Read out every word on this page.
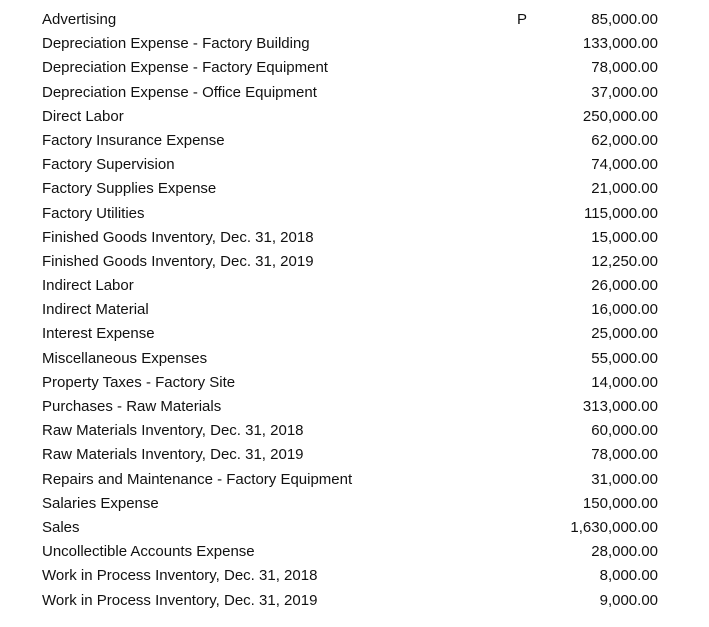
Advertising	P	85,000.00
Depreciation Expense - Factory Building	133,000.00
Depreciation Expense - Factory Equipment	78,000.00
Depreciation Expense - Office Equipment	37,000.00
Direct Labor	250,000.00
Factory Insurance Expense	62,000.00
Factory Supervision	74,000.00
Factory Supplies Expense	21,000.00
Factory Utilities	115,000.00
Finished Goods Inventory, Dec. 31, 2018	15,000.00
Finished Goods Inventory, Dec. 31, 2019	12,250.00
Indirect Labor	26,000.00
Indirect Material	16,000.00
Interest Expense	25,000.00
Miscellaneous Expenses	55,000.00
Property Taxes - Factory Site	14,000.00
Purchases - Raw Materials	313,000.00
Raw Materials Inventory, Dec. 31, 2018	60,000.00
Raw Materials Inventory, Dec. 31, 2019	78,000.00
Repairs and Maintenance - Factory Equipment	31,000.00
Salaries Expense	150,000.00
Sales	1,630,000.00
Uncollectible Accounts Expense	28,000.00
Work in Process Inventory, Dec. 31, 2018	8,000.00
Work in Process Inventory, Dec. 31, 2019	9,000.00
